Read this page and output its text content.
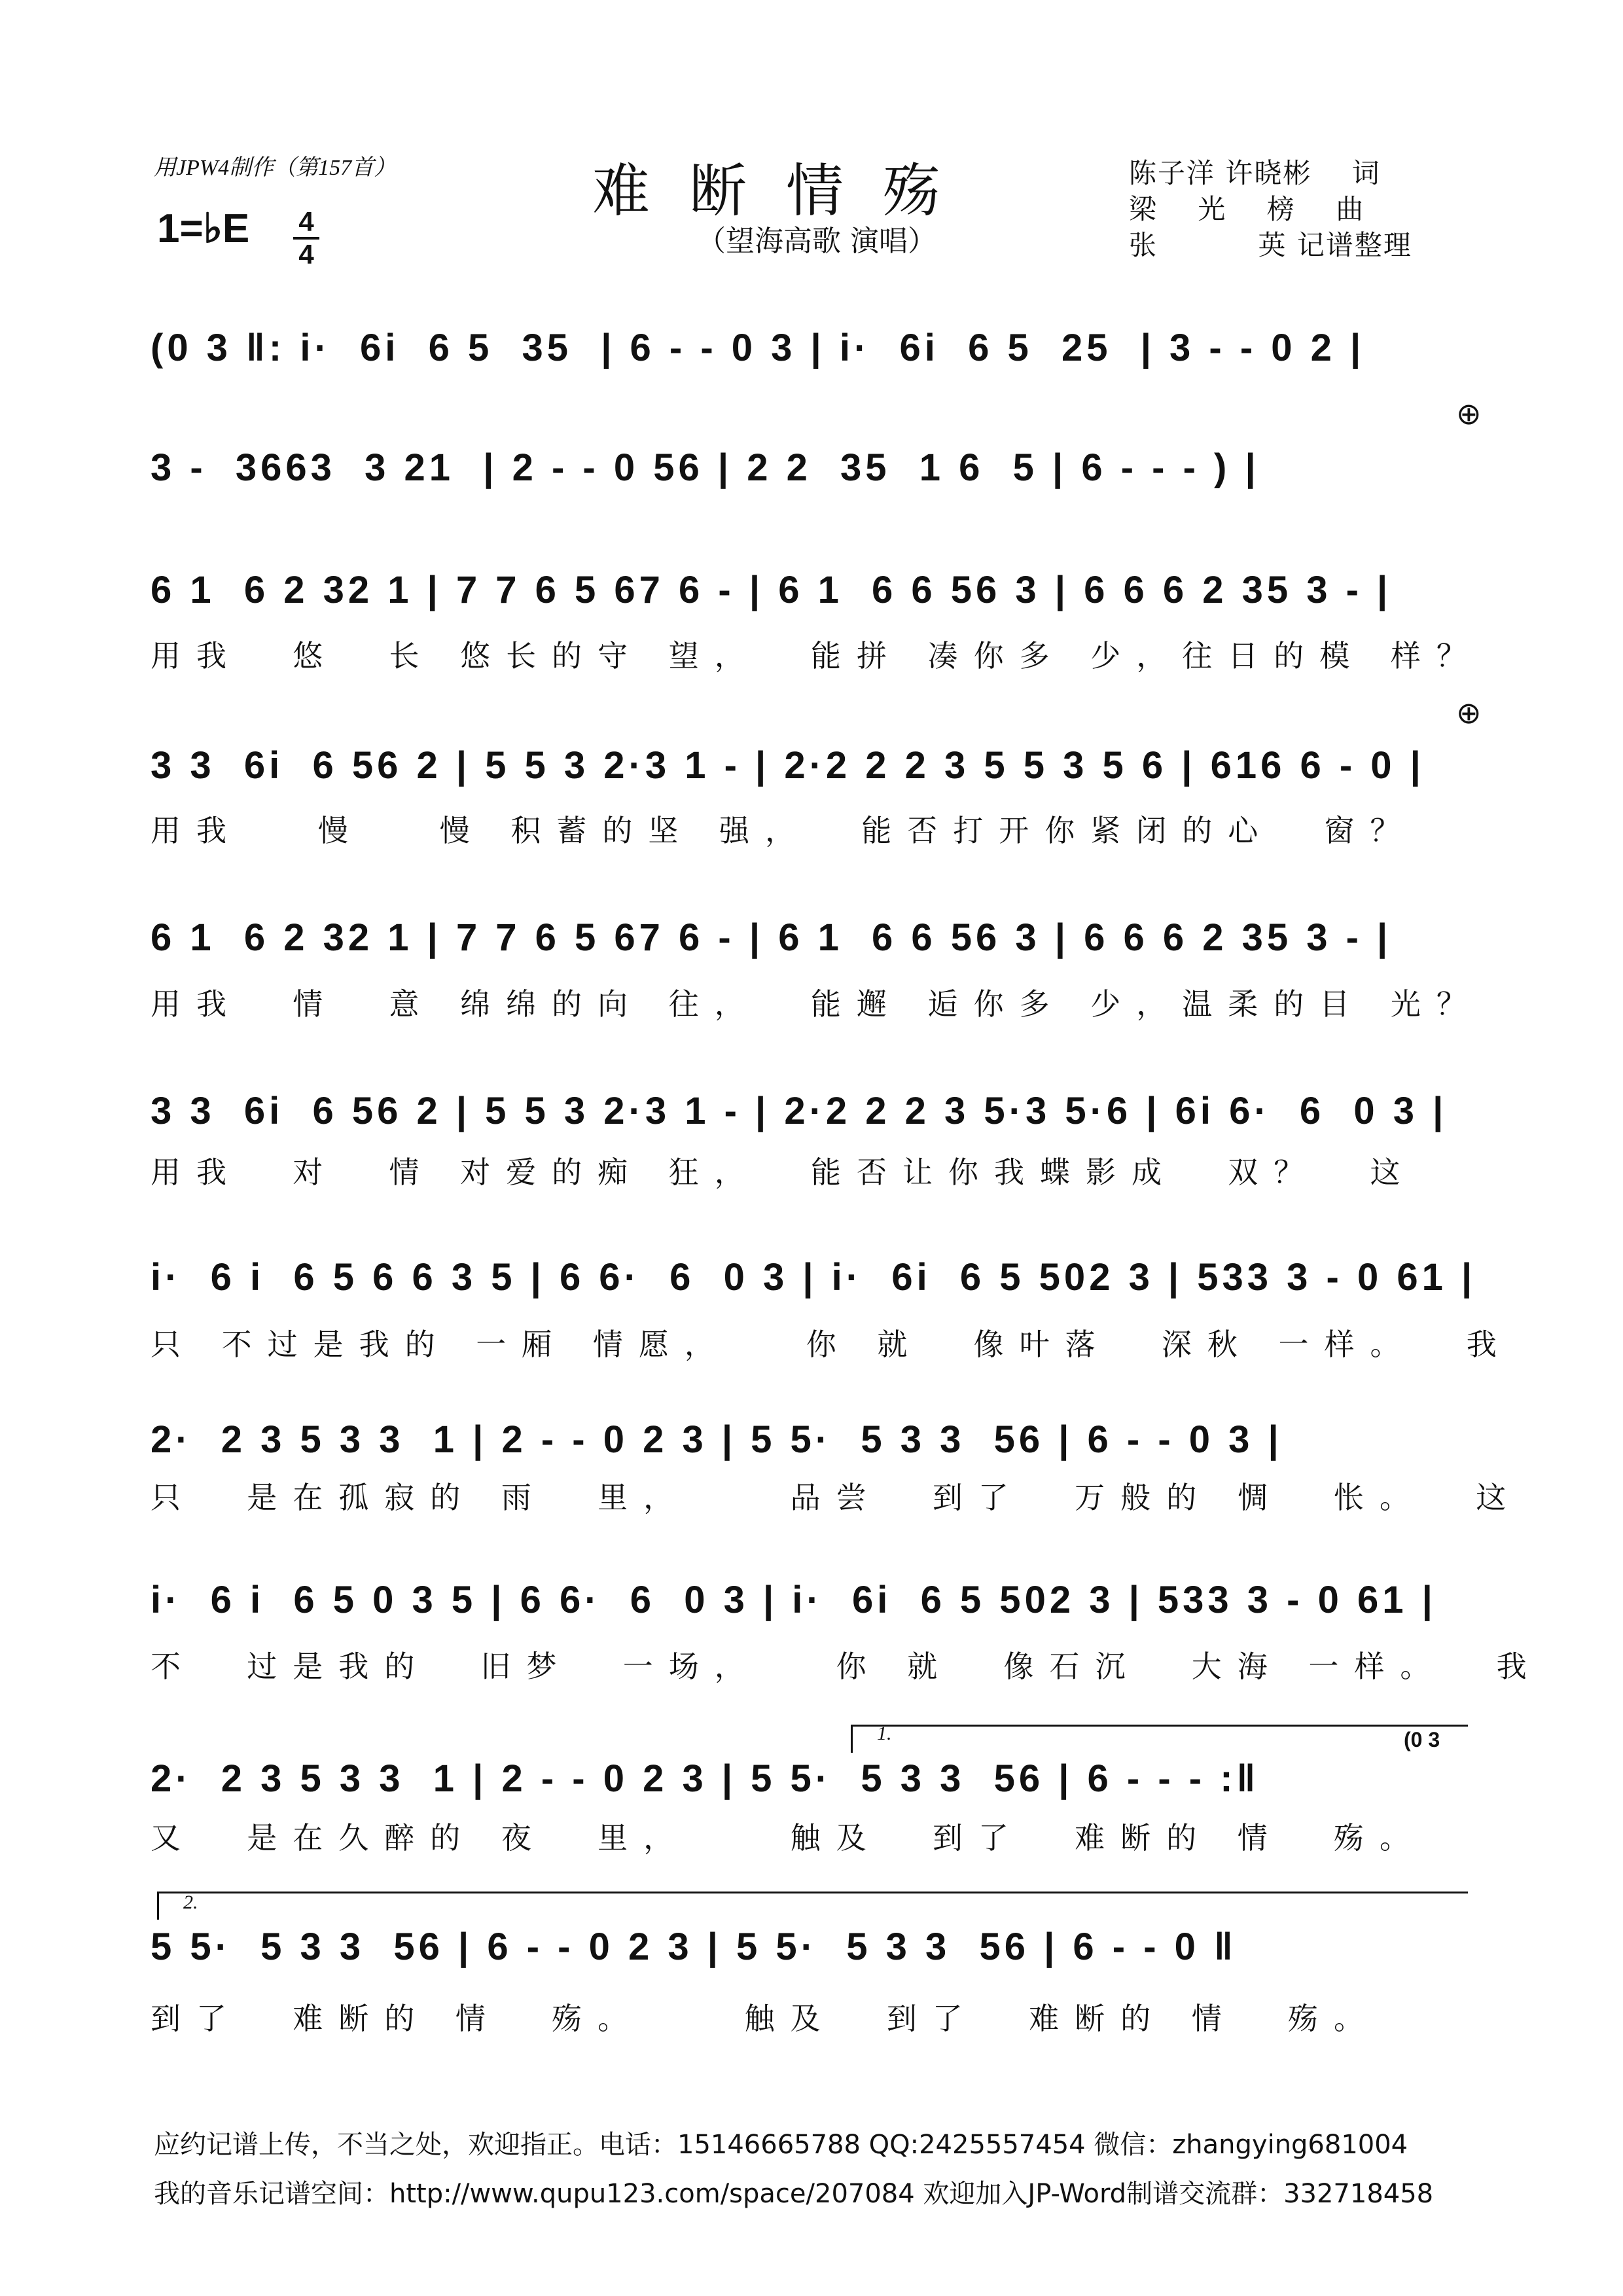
用JPW4制作（第157首）	难断情殇
（望海高歌 演唱）
陈子洋 许晓彬    词
梁    光    榜    曲
张          英 记谱整理
1=♭E 4
4
(0 3 ‖: i·  6i  6 5  35  | 6 - - 0 3 | i·  6i  6 5  25  | 3 - - 0 2 |
3 -  3663  3 21  | 2 - - 0 56 | 2 2  35  1 6  5 | 6 - - - ) |
⊕
6 1  6 2 32 1 | 7 7 6 5 67 6 - | 6 1  6 6 56 3 | 6 6 6 2 35 3 - |
用我  悠  长 悠长的守 望，  能拼 凑你多 少，往日的模 样？
3 3  6i  6 56 2 | 5 5 3 2·3 1 - | 2·2 2 2 3 5 5 3 5 6 | 616 6 - 0 |
⊕
用我   慢   慢 积蓄的坚 强，  能否打开你紧闭的心  窗？
6 1  6 2 32 1 | 7 7 6 5 67 6 - | 6 1  6 6 56 3 | 6 6 6 2 35 3 - |
用我  情  意 绵绵的向 往，  能邂 逅你多 少，温柔的目 光？
3 3  6i  6 56 2 | 5 5 3 2·3 1 - | 2·2 2 2 3 5·3 5·6 | 6i 6·  6  0 3 |
用我  对  情 对爱的痴 狂，  能否让你我蝶影成  双？  这
i·  6 i  6 5 6 6 3 5 | 6 6·  6  0 3 | i·  6i  6 5 502 3 | 533 3 - 0 61 |
只 不过是我的 一厢 情愿，   你 就  像叶落  深秋 一样。  我
2·  2 3 5 3 3  1 | 2 - - 0 2 3 | 5 5·  5 3 3  56 | 6 - - 0 3 |
只  是在孤寂的 雨  里，    品尝  到了  万般的 惆  怅。  这
i·  6 i  6 5 0 3 5 | 6 6·  6  0 3 | i·  6i  6 5 502 3 | 533 3 - 0 61 |
不  过是我的  旧梦  一场，   你 就  像石沉  大海 一样。  我
1.	(0 3
2·  2 3 5 3 3  1 | 2 - - 0 2 3 | 5 5·  5 3 3  56 | 6 - - - :‖
又  是在久醉的 夜  里，    触及  到了  难断的 情  殇。
2.
5 5·  5 3 3  56 | 6 - - 0 2 3 | 5 5·  5 3 3  56 | 6 - - 0 ‖
到了  难断的 情  殇。    触及  到了  难断的 情  殇。
应约记谱上传，不当之处，欢迎指正。电话：15146665788 QQ:2425557454 微信：zhangying681004
我的音乐记谱空间：http://www.qupu123.com/space/207084 欢迎加入JP-Word制谱交流群：332718458
